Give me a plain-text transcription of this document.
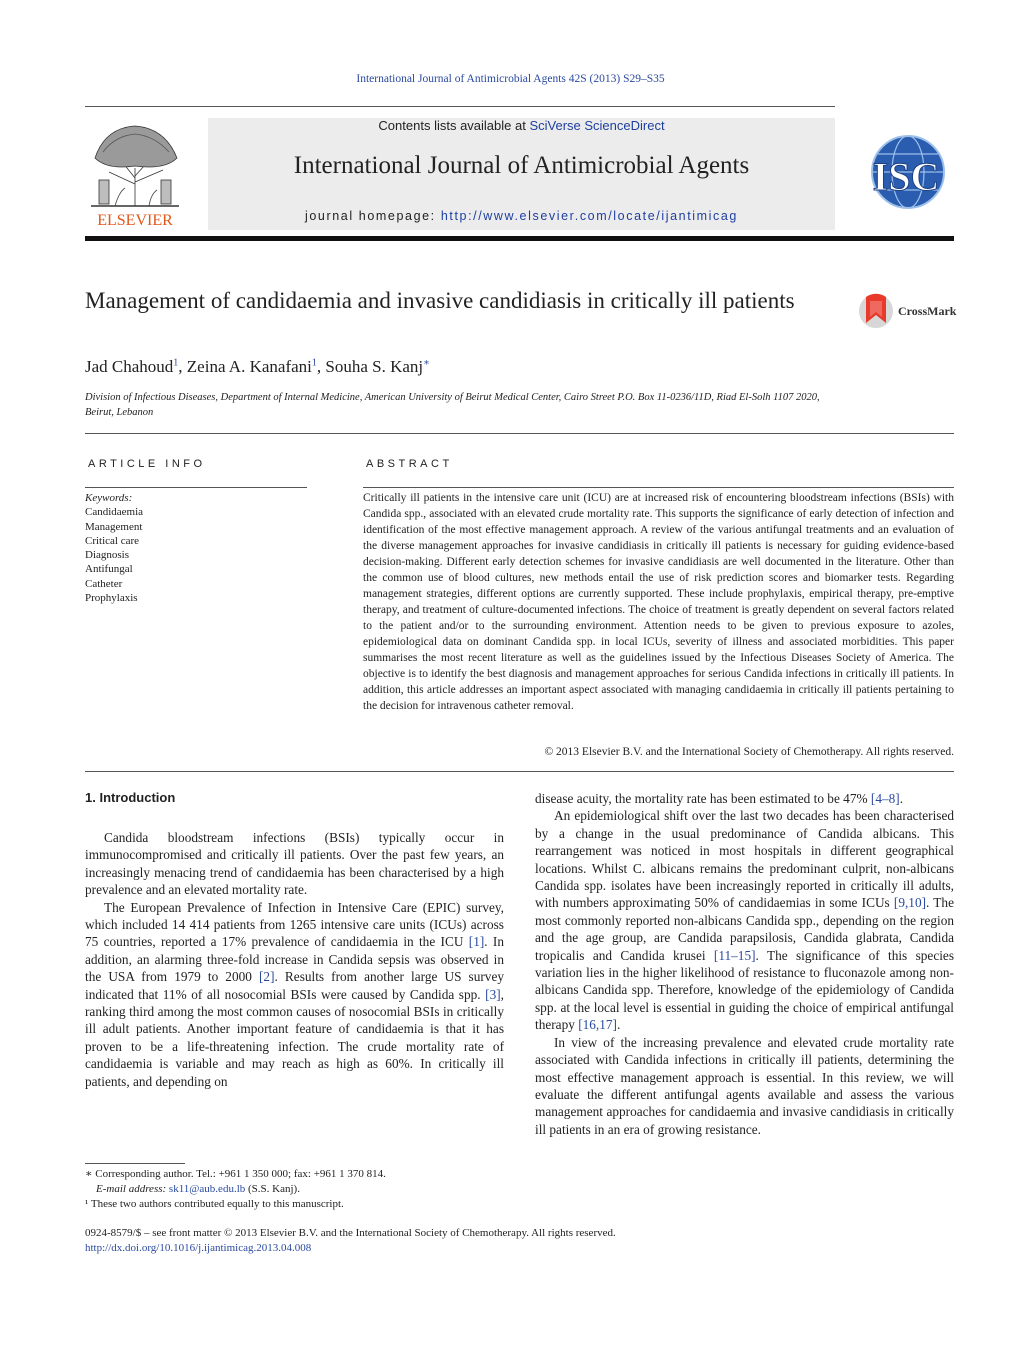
International Journal of Antimicrobial Agents 42S (2013) S29–S35
ELSEVIER
Contents lists available at SciVerse ScienceDirect
International Journal of Antimicrobial Agents
journal homepage: http://www.elsevier.com/locate/ijantimicag
ISC
Management of candidaemia and invasive candidiasis in critically ill patients	CrossMark
Jad Chahoud$^1$, Zeina A. Kanafani$^1$, Souha S. Kanj∗
Division of Infectious Diseases, Department of Internal Medicine, American University of Beirut Medical Center, Cairo Street P.O. Box 11-0236/11D, Riad El-Solh 1107 2020, Beirut, Lebanon
ARTICLE INFO
Keywords:
Candidaemia
Management
Critical care
Diagnosis
Antifungal
Catheter
Prophylaxis
ABSTRACT
Critically ill patients in the intensive care unit (ICU) are at increased risk of encountering bloodstream infections (BSIs) with Candida spp., associated with an elevated crude mortality rate. This supports the significance of early detection of infection and identification of the most effective management approach. A review of the various antifungal treatments and an evaluation of the diverse management approaches for invasive candidiasis in critically ill patients is necessary for guiding evidence-based decision-making. Different early detection schemes for invasive candidiasis are well documented in the literature. Other than the common use of blood cultures, new methods entail the use of risk prediction scores and biomarker tests. Regarding management strategies, different options are currently supported. These include prophylaxis, empirical therapy, pre-emptive therapy, and treatment of culture-documented infections. The choice of treatment is greatly dependent on several factors related to the patient and/or to the surrounding environment. Attention needs to be given to previous exposure to azoles, epidemiological data on dominant Candida spp. in local ICUs, severity of illness and associated morbidities. This paper summarises the most recent literature as well as the guidelines issued by the Infectious Diseases Society of America. The objective is to identify the best diagnosis and management approaches for serious Candida infections in critically ill patients. In addition, this article addresses an important aspect associated with managing candidaemia in critically ill patients pertaining to the decision for intravenous catheter removal.
© 2013 Elsevier B.V. and the International Society of Chemotherapy. All rights reserved.
1. Introduction

Candida bloodstream infections (BSIs) typically occur in immunocompromised and critically ill patients. Over the past few years, an increasingly menacing trend of candidaemia has been characterised by a high prevalence and an elevated mortality rate.

The European Prevalence of Infection in Intensive Care (EPIC) survey, which included 14 414 patients from 1265 intensive care units (ICUs) across 75 countries, reported a 17% prevalence of candidaemia in the ICU [1]. In addition, an alarming three-fold increase in Candida sepsis was observed in the USA from 1979 to 2000 [2]. Results from another large US survey indicated that 11% of all nosocomial BSIs were caused by Candida spp. [3], ranking third among the most common causes of nosocomial BSIs in critically ill adult patients. Another important feature of candidaemia is that it has proven to be a life-threatening infection. The crude mortality rate of candidaemia is variable and may reach as high as 60%. In critically ill patients, and depending on

disease acuity, the mortality rate has been estimated to be 47% [4–8].

An epidemiological shift over the last two decades has been characterised by a change in the usual predominance of Candida albicans. This rearrangement was noticed in most hospitals in different geographical locations. Whilst C. albicans remains the predominant culprit, non-albicans Candida spp. isolates have been increasingly reported in critically ill adults, with numbers approximating 50% of candidaemias in some ICUs [9,10]. The most commonly reported non-albicans Candida spp., depending on the region and the age group, are Candida parapsilosis, Candida glabrata, Candida tropicalis and Candida krusei [11–15]. The significance of this species variation lies in the higher likelihood of resistance to fluconazole among non-albicans Candida spp. Therefore, knowledge of the epidemiology of Candida spp. at the local level is essential in guiding the choice of empirical antifungal therapy [16,17].

In view of the increasing prevalence and elevated crude mortality rate associated with Candida infections in critically ill patients, determining the most effective management approach is essential. In this review, we will evaluate the different antifungal agents available and assess the various management approaches for candidaemia and invasive candidiasis in critically ill patients in an era of growing resistance.

∗ Corresponding author. Tel.: +961 1 350 000; fax: +961 1 370 814.
E-mail address: sk11@aub.edu.lb (S.S. Kanj).
¹ These two authors contributed equally to this manuscript.
0924-8579/$ – see front matter © 2013 Elsevier B.V. and the International Society of Chemotherapy. All rights reserved.
http://dx.doi.org/10.1016/j.ijantimicag.2013.04.008
